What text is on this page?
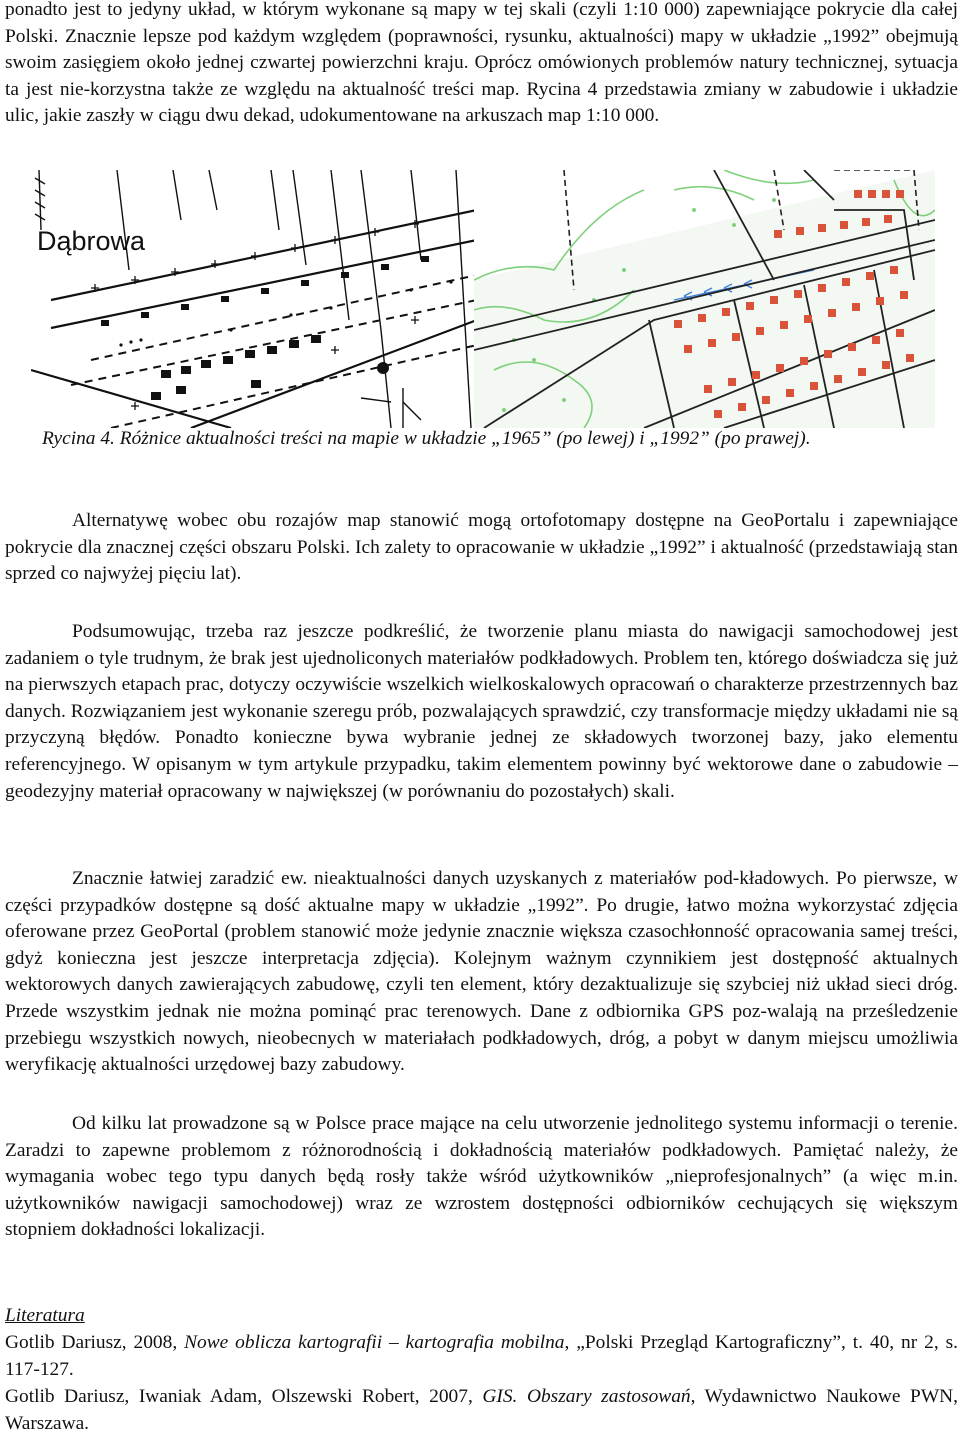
ponadto jest to jedyny układ, w którym wykonane są mapy w tej skali (czyli 1:10 000) zapewniające pokrycie dla całej Polski. Znacznie lepsze pod każdym względem (poprawności, rysunku, aktualności) mapy w układzie „1992” obejmują swoim zasięgiem około jednej czwartej powierzchni kraju. Oprócz omówionych problemów natury technicznej, sytuacja ta jest nie-korzystna także ze względu na aktualność treści map. Rycina 4 przedstawia zmiany w zabudowie i układzie ulic, jakie zaszły w ciągu dwu dekad, udokumentowane na arkuszach map 1:10 000.

Dąbrowa

Rycina 4. Różnice aktualności treści na mapie w układzie „1965” (po lewej) i „1992” (po prawej).

Alternatywę wobec obu rozajów map stanowić mogą ortofotomapy dostępne na GeoPortalu i zapewniające pokrycie dla znacznej części obszaru Polski. Ich zalety to opracowanie w układzie „1992” i aktualność (przedstawiają stan sprzed co najwyżej pięciu lat).

Podsumowując, trzeba raz jeszcze podkreślić, że tworzenie planu miasta do nawigacji samochodowej jest zadaniem o tyle trudnym, że brak jest ujednoliconych materiałów podkładowych. Problem ten, którego doświadcza się już na pierwszych etapach prac, dotyczy oczywiście wszelkich wielkoskalowych opracowań o charakterze przestrzennych baz danych. Rozwiązaniem jest wykonanie szeregu prób, pozwalających sprawdzić, czy transformacje między układami nie są przyczyną błędów. Ponadto konieczne bywa wybranie jednej ze składowych tworzonej bazy, jako elementu referencyjnego. W opisanym w tym artykule przypadku, takim elementem powinny być wektorowe dane o zabudowie – geodezyjny materiał opracowany w największej (w porównaniu do pozostałych) skali.

Znacznie łatwiej zaradzić ew. nieaktualności danych uzyskanych z materiałów pod-kładowych. Po pierwsze, w części przypadków dostępne są dość aktualne mapy w układzie „1992”. Po drugie, łatwo można wykorzystać zdjęcia oferowane przez GeoPortal (problem stanowić może jedynie znacznie większa czasochłonność opracowania samej treści, gdyż konieczna jest jeszcze interpretacja zdjęcia). Kolejnym ważnym czynnikiem jest dostępność aktualnych wektorowych danych zawierających zabudowę, czyli ten element, który dezaktualizuje się szybciej niż układ sieci dróg. Przede wszystkim jednak nie można pominąć prac terenowych. Dane z odbiornika GPS poz-walają na prześledzenie przebiegu wszystkich nowych, nieobecnych w materiałach podkładowych, dróg, a pobyt w danym miejscu umożliwia weryfikację aktualności urzędowej bazy zabudowy.

Od kilku lat prowadzone są w Polsce prace mające na celu utworzenie jednolitego systemu informacji o terenie. Zaradzi to zapewne problemom z różnorodnością i dokładnością materiałów podkładowych. Pamiętać należy, że wymagania wobec tego typu danych będą rosły także wśród użytkowników „nieprofesjonalnych” (a więc m.in. użytkowników nawigacji samochodowej) wraz ze wzrostem dostępności odbiorników cechujących się większym stopniem dokładności lokalizacji.

Literatura

Gotlib Dariusz, 2008, Nowe oblicza kartografii – kartografia mobilna, „Polski Przegląd Kartograficzny”, t. 40, nr 2, s. 117-127.

Gotlib Dariusz, Iwaniak Adam, Olszewski Robert, 2007, GIS. Obszary zastosowań, Wydawnictwo Naukowe PWN, Warszawa.
